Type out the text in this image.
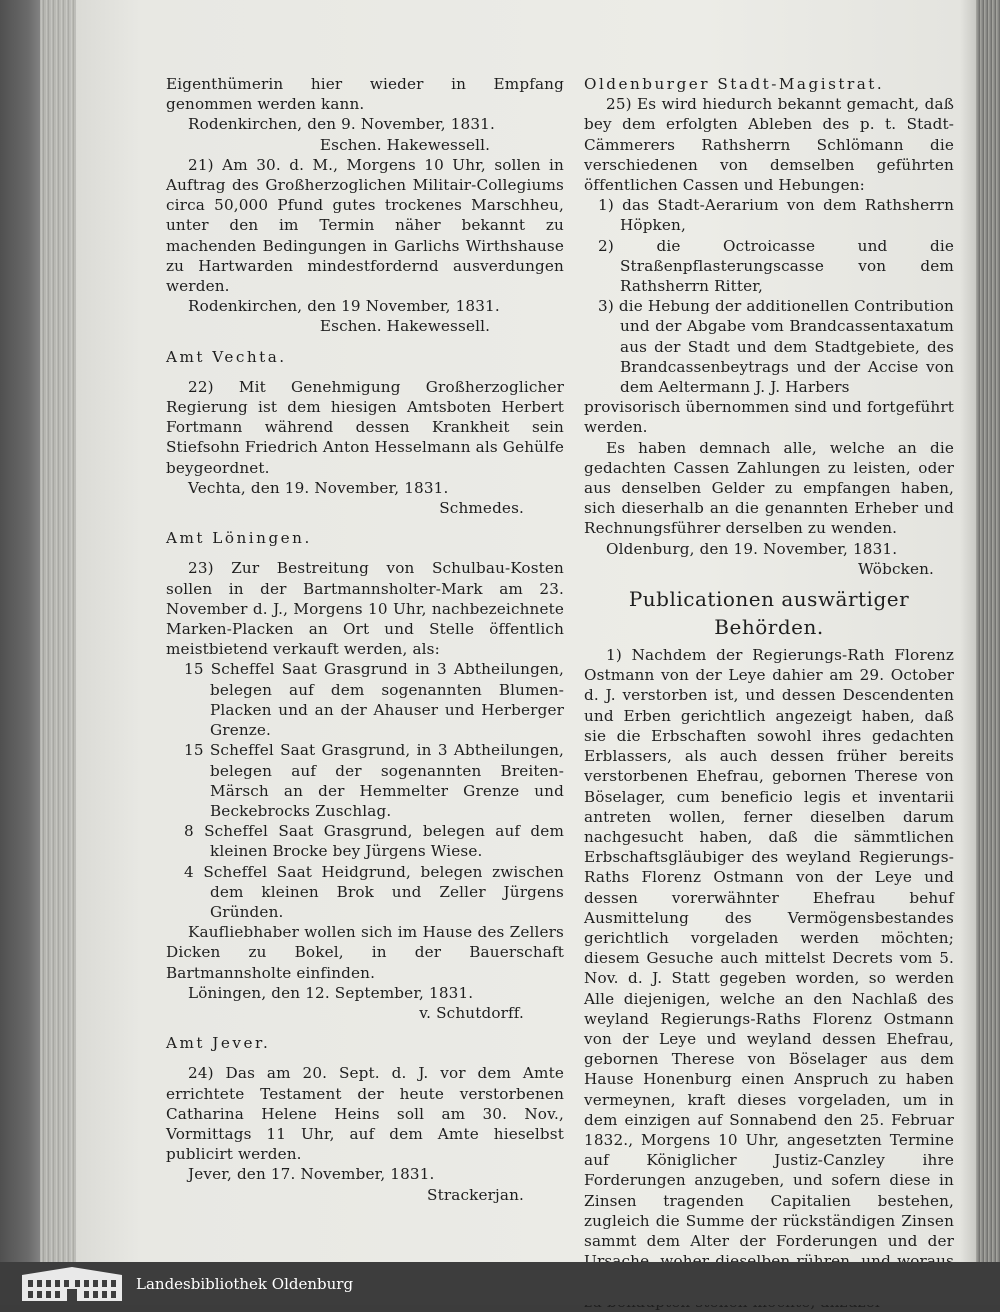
Eigenthümerin hier wieder in Empfang genommen werden kann.

Rodenkirchen, den 9. November, 1831.

Eschen. Hakewessell.

21) Am 30. d. M., Morgens 10 Uhr, sollen in Auftrag des Großherzoglichen Militair-Collegiums circa 50,000 Pfund gutes trockenes Marschheu, unter den im Termin näher bekannt zu machenden Bedingungen in Garlichs Wirthshause zu Hartwarden mindestfordernd ausverdungen werden.

Rodenkirchen, den 19 November, 1831.

Eschen. Hakewessell.

Amt Vechta.

22) Mit Genehmigung Großherzoglicher Regierung ist dem hiesigen Amtsboten Herbert Fortmann während dessen Krankheit sein Stiefsohn Friedrich Anton Hesselmann als Gehülfe beygeordnet.

Vechta, den 19. November, 1831.

Schmedes.

Amt Löningen.

23) Zur Bestreitung von Schulbau-Kosten sollen in der Bartmannsholter-Mark am 23. November d. J., Morgens 10 Uhr, nachbezeichnete Marken-Placken an Ort und Stelle öffentlich meistbietend verkauft werden, als:

15 Scheffel Saat Grasgrund in 3 Abtheilungen, belegen auf dem sogenannten Blumen-Placken und an der Ahauser und Herberger Grenze.

15 Scheffel Saat Grasgrund, in 3 Abtheilungen, belegen auf der sogenannten Breiten-Märsch an der Hemmelter Grenze und Beckebrocks Zuschlag.

8 Scheffel Saat Grasgrund, belegen auf dem kleinen Brocke bey Jürgens Wiese.

4 Scheffel Saat Heidgrund, belegen zwischen dem kleinen Brok und Zeller Jürgens Gründen.

Kaufliebhaber wollen sich im Hause des Zellers Dicken zu Bokel, in der Bauerschaft Bartmannsholte einfinden.

Löningen, den 12. September, 1831.

v. Schutdorff.

Amt Jever.

24) Das am 20. Sept. d. J. vor dem Amte errichtete Testament der heute verstorbenen Catharina Helene Heins soll am 30. Nov., Vormittags 11 Uhr, auf dem Amte hieselbst publicirt werden.

Jever, den 17. November, 1831.

Strackerjan.

Oldenburger Stadt-Magistrat.

25) Es wird hiedurch bekannt gemacht, daß bey dem erfolgten Ableben des p. t. Stadt-Cämmerers Rathsherrn Schlömann die verschiedenen von demselben geführten öffentlichen Cassen und Hebungen:

1) das Stadt-Aerarium von dem Rathsherrn Höpken,

2) die Octroicasse und die Straßenpflasterungscasse von dem Rathsherrn Ritter,

3) die Hebung der additionellen Contribution und der Abgabe vom Brandcassentaxatum aus der Stadt und dem Stadtgebiete, des Brandcassenbeytrags und der Accise von dem Aeltermann J. J. Harbers

provisorisch übernommen sind und fortgeführt werden.

Es haben demnach alle, welche an die gedachten Cassen Zahlungen zu leisten, oder aus denselben Gelder zu empfangen haben, sich dieserhalb an die genannten Erheber und Rechnungsführer derselben zu wenden.

Oldenburg, den 19. November, 1831.

Wöbcken.

Publicationen auswärtiger Behörden.

1) Nachdem der Regierungs-Rath Florenz Ostmann von der Leye dahier am 29. October d. J. verstorben ist, und dessen Descendenten und Erben gerichtlich angezeigt haben, daß sie die Erbschaften sowohl ihres gedachten Erblassers, als auch dessen früher bereits verstorbenen Ehefrau, gebornen Therese von Böselager, cum beneficio legis et inventarii antreten wollen, ferner dieselben darum nachgesucht haben, daß die sämmtlichen Erbschaftsgläubiger des weyland Regierungs-Raths Florenz Ostmann von der Leye und dessen vorerwähnter Ehefrau behuf Ausmittelung des Vermögensbestandes gerichtlich vorgeladen werden möchten; diesem Gesuche auch mittelst Decrets vom 5. Nov. d. J. Statt gegeben worden, so werden Alle diejenigen, welche an den Nachlaß des weyland Regierungs-Raths Florenz Ostmann von der Leye und weyland dessen Ehefrau, gebornen Therese von Böselager aus dem Hause Honenburg einen Anspruch zu haben vermeynen, kraft dieses vorgeladen, um in dem einzigen auf Sonnabend den 25. Februar 1832., Morgens 10 Uhr, angesetzten Termine auf Königlicher Justiz-Canzley ihre Forderungen anzugeben, und sofern diese in Zinsen tragenden Capitalien bestehen, zugleich die Summe der rückständigen Zinsen sammt dem Alter der Forderungen und der

Landesbibliothek Oldenburg
